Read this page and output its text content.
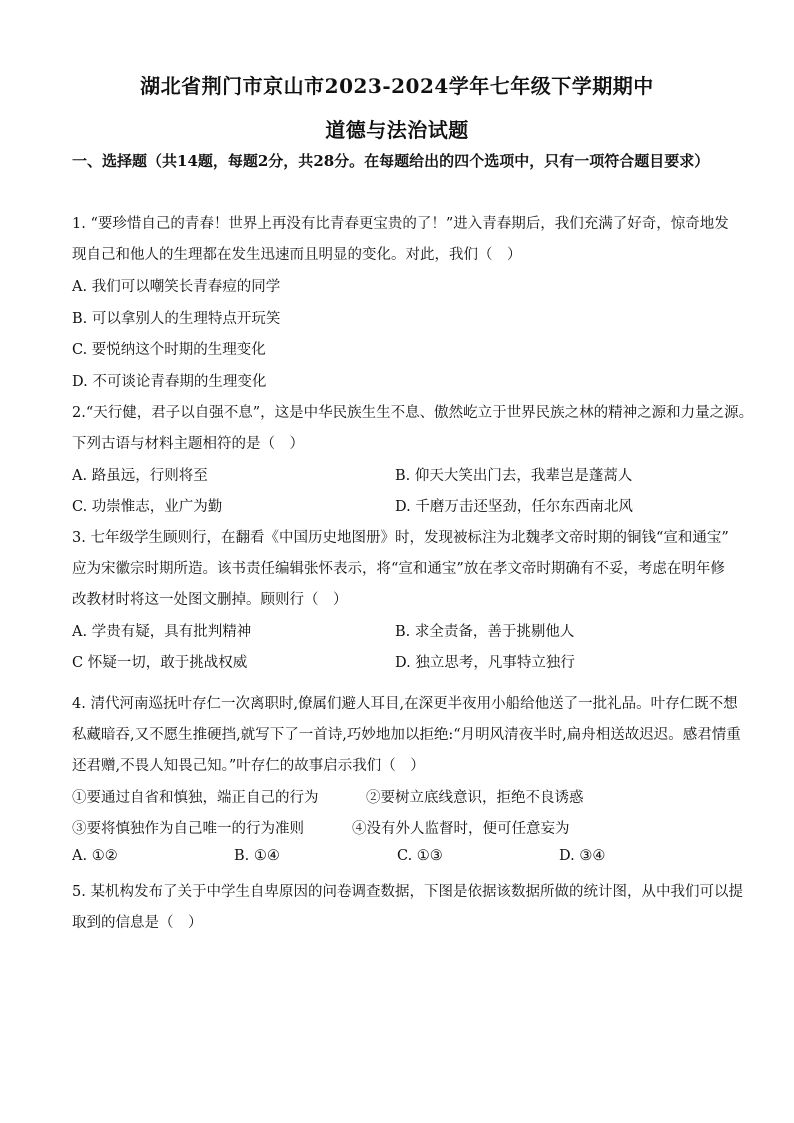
湖北省荆门市京山市2023-2024学年七年级下学期期中
道德与法治试题
一、选择题（共14题，每题2分，共28分。在每题给出的四个选项中，只有一项符合题目要求）
1. “要珍惜自己的青春！世界上再没有比青春更宝贵的了！”进入青春期后，我们充满了好奇，惊奇地发
现自己和他人的生理都在发生迅速而且明显的变化。对此，我们（　）
A. 我们可以嘲笑长青春痘的同学
B. 可以拿别人的生理特点开玩笑
C. 要悦纳这个时期的生理变化
D. 不可谈论青春期的生理变化
2.“天行健，君子以自强不息”，这是中华民族生生不息、傲然屹立于世界民族之林的精神之源和力量之源。
下列古语与材料主题相符的是（　）
A. 路虽远，行则将至	B. 仰天大笑出门去，我辈岂是蓬蒿人
C. 功崇惟志，业广为勤	D. 千磨万击还坚劲，任尔东西南北风
3. 七年级学生顾则行，在翻看《中国历史地图册》时，发现被标注为北魏孝文帝时期的铜钱“宣和通宝”
应为宋徽宗时期所造。该书责任编辑张怀表示，将“宣和通宝”放在孝文帝时期确有不妥，考虑在明年修
改教材时将这一处图文删掉。顾则行（　）
A. 学贵有疑，具有批判精神	B. 求全责备，善于挑剔他人
C 怀疑一切，敢于挑战权威	D. 独立思考，凡事特立独行
4. 清代河南巡抚叶存仁一次离职时,僚属们避人耳目,在深更半夜用小船给他送了一批礼品。叶存仁既不想
私藏暗吞,又不愿生推硬挡,就写下了一首诗,巧妙地加以拒绝:“月明风清夜半时,扁舟相送故迟迟。感君情重
还君赠,不畏人知畏己知。”叶存仁的故事启示我们（　）
①要通过自省和慎独，端正自己的行为	②要树立底线意识，拒绝不良诱惑
③要将慎独作为自己唯一的行为准则	④没有外人监督时，便可任意妄为
A. ①②	B. ①④	C. ①③	D. ③④
5. 某机构发布了关于中学生自卑原因的问卷调查数据，下图是依据该数据所做的统计图，从中我们可以提
取到的信息是（　）
